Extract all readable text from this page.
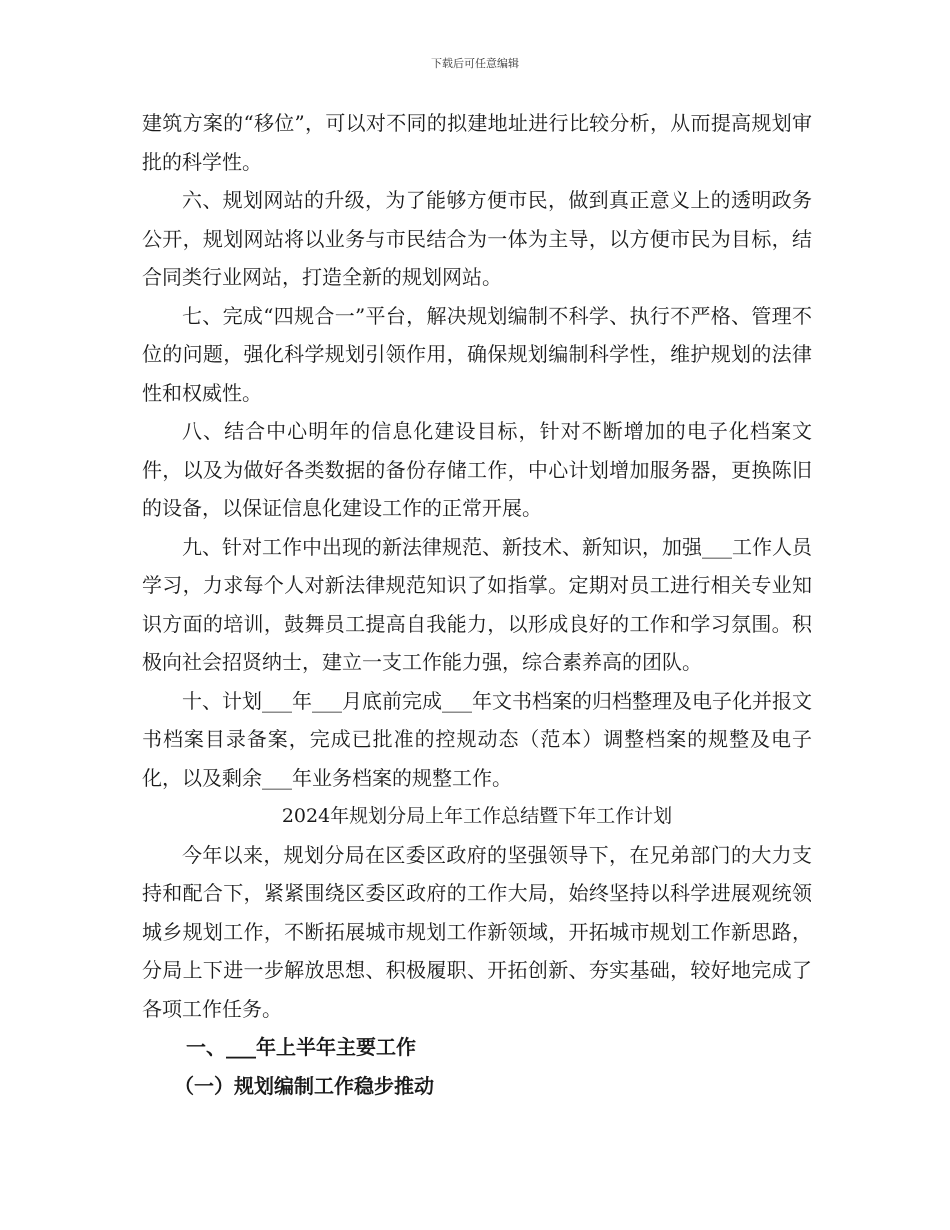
下载后可任意编辑

建筑方案的“移位”，可以对不同的拟建地址进行比较分析，从而提高规划审批的科学性。

六、规划网站的升级，为了能够方便市民，做到真正意义上的透明政务公开，规划网站将以业务与市民结合为一体为主导，以方便市民为目标，结合同类行业网站，打造全新的规划网站。

七、完成“四规合一”平台，解决规划编制不科学、执行不严格、管理不位的问题，强化科学规划引领作用，确保规划编制科学性，维护规划的法律性和权威性。

八、结合中心明年的信息化建设目标，针对不断增加的电子化档案文件，以及为做好各类数据的备份存储工作，中心计划增加服务器，更换陈旧的设备，以保证信息化建设工作的正常开展。

九、针对工作中出现的新法律规范、新技术、新知识，加强___工作人员学习，力求每个人对新法律规范知识了如指掌。定期对员工进行相关专业知识方面的培训，鼓舞员工提高自我能力，以形成良好的工作和学习氛围。积极向社会招贤纳士，建立一支工作能力强，综合素养高的团队。

十、计划___年___月底前完成___年文书档案的归档整理及电子化并报文书档案目录备案，完成已批准的控规动态（范本）调整档案的规整及电子化，以及剩余___年业务档案的规整工作。

2024年规划分局上年工作总结暨下年工作计划

今年以来，规划分局在区委区政府的坚强领导下，在兄弟部门的大力支持和配合下，紧紧围绕区委区政府的工作大局，始终坚持以科学进展观统领城乡规划工作，不断拓展城市规划工作新领域，开拓城市规划工作新思路，分局上下进一步解放思想、积极履职、开拓创新、夯实基础，较好地完成了各项工作任务。

一、___年上半年主要工作

（一）规划编制工作稳步推动
